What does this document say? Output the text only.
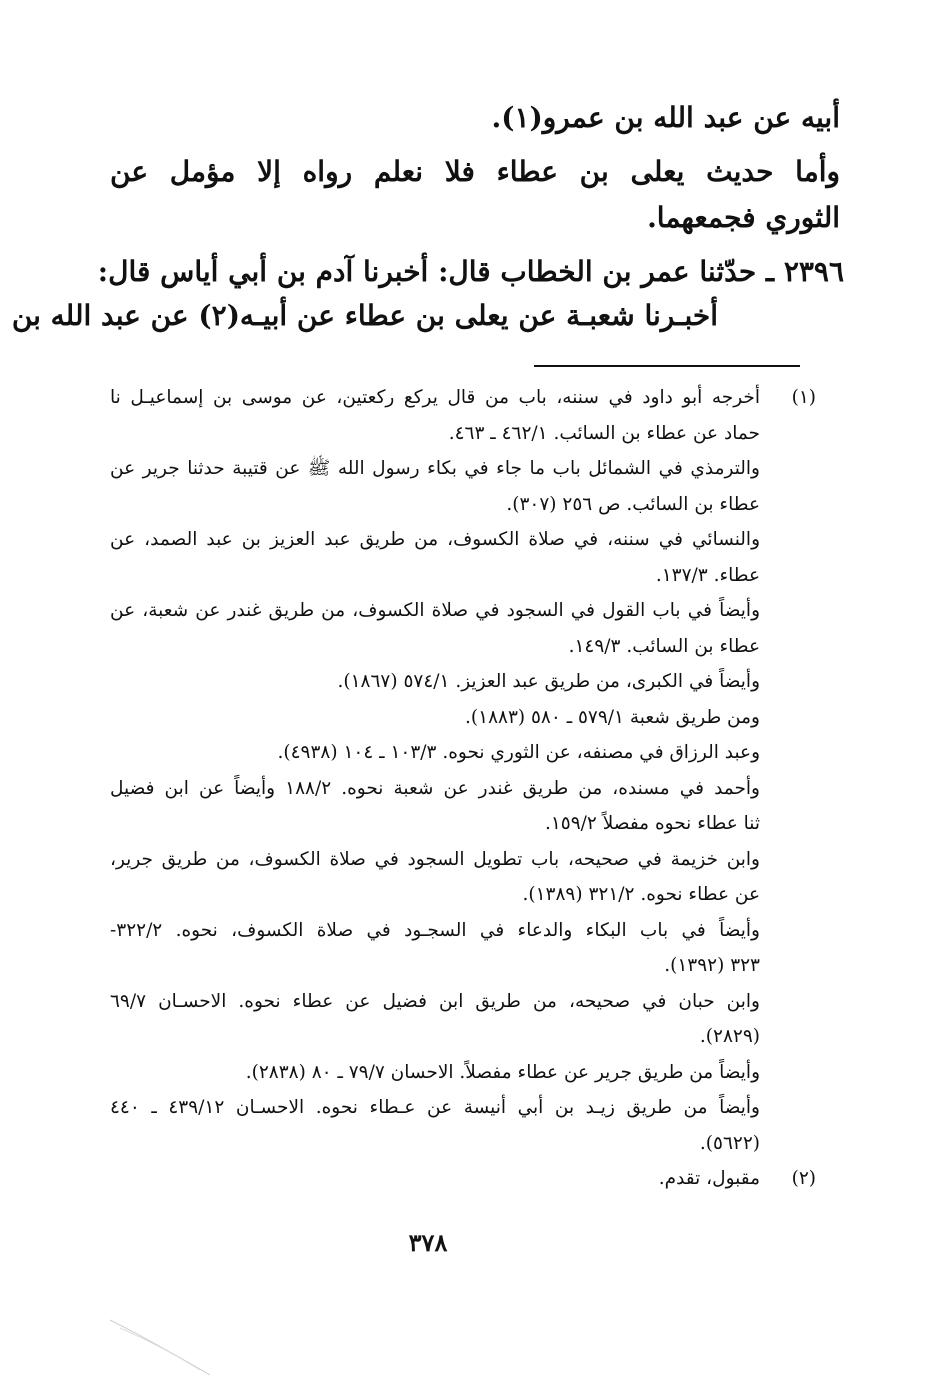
أبيه عن عبد الله بن عمرو(١).
وأما حديث يعلى بن عطاء فلا نعلم رواه إلا مؤمل عن
الثوري فجمعهما.
٢٣٩٦ ـ حدّثنا عمر بن الخطاب قال: أخبرنا آدم بن أبي أياس قال:
أخبـرنا شعبـة عن يعلى بن عطاء عن أبيـه(٢) عن عبد الله بن
(١)
أخرجه أبو داود في سننه، باب من قال يركع ركعتين، عن موسى بن إسماعيـل نا
حماد عن عطاء بن السائب. ٤٦٢/١ ـ ٤٦٣.
والترمذي في الشمائل باب ما جاء في بكاء رسول الله ﷺ عن قتيبة حدثنا جرير عن
عطاء بن السائب. ص ٢٥٦ (٣٠٧).
والنسائي في سننه، في صلاة الكسوف، من طريق عبد العزيز بن عبد الصمد، عن
عطاء. ١٣٧/٣.
وأيضاً في باب القول في السجود في صلاة الكسوف، من طريق غندر عن شعبة، عن
عطاء بن السائب. ١٤٩/٣.
وأيضاً في الكبرى، من طريق عبد العزيز. ٥٧٤/١ (١٨٦٧).
ومن طريق شعبة ٥٧٩/١ ـ ٥٨٠ (١٨٨٣).
وعبد الرزاق في مصنفه، عن الثوري نحوه. ١٠٣/٣ ـ ١٠٤ (٤٩٣٨).
وأحمد في مسنده، من طريق غندر عن شعبة نحوه. ١٨٨/٢ وأيضاً عن ابن فضيل
ثنا عطاء نحوه مفصلاً ١٥٩/٢.
وابن خزيمة في صحيحه، باب تطويل السجود في صلاة الكسوف، من طريق جرير،
عن عطاء نحوه. ٣٢١/٢ (١٣٨٩).
وأيضاً في باب البكاء والدعاء في السجـود في صلاة الكسوف، نحوه. ٣٢٢/٢-
٣٢٣ (١٣٩٢).
وابن حبان في صحيحه، من طريق ابن فضيل عن عطاء نحوه. الاحسـان ٦٩/٧
(٢٨٢٩).
وأيضاً من طريق جرير عن عطاء مفصلاً. الاحسان ٧٩/٧ ـ ٨٠ (٢٨٣٨).
وأيضاً من طريق زيـد بن أبي أنيسة عن عـطاء نحوه. الاحسـان ٤٣٩/١٢ ـ ٤٤٠
(٥٦٢٢).
(٢)
مقبول، تقدم.
٣٧٨
